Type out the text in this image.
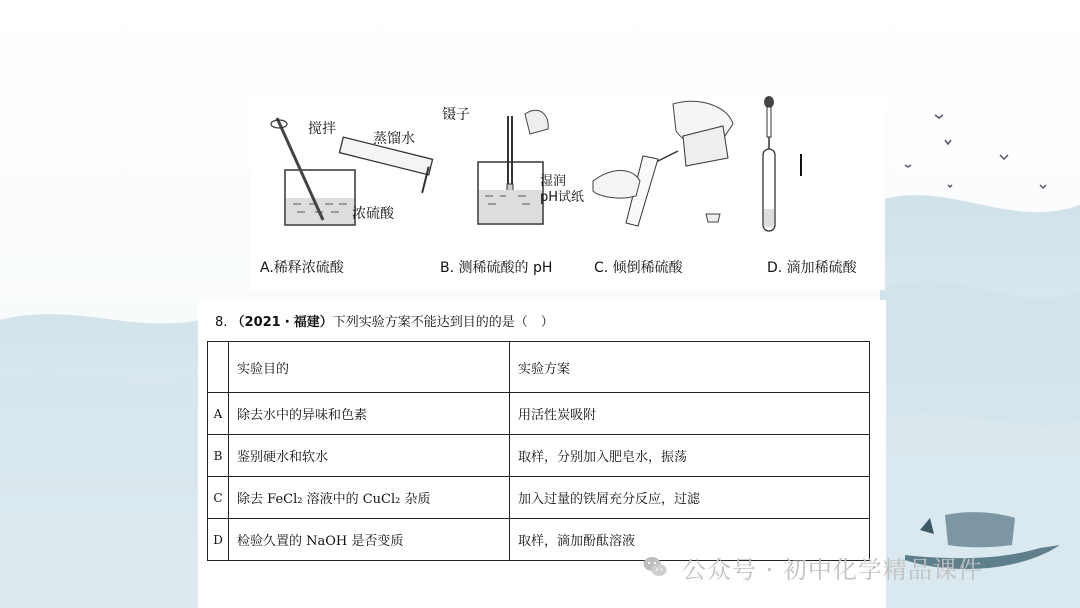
搅拌
蒸馏水
浓硫酸
镊子
湿润
pH试纸
A.稀释浓硫酸	B. 测稀硫酸的 pH	C. 倾倒稀硫酸	D. 滴加稀硫酸
8. （2021・福建）下列实验方案不能达到目的的是（　）
	实验目的	实验方案
A	除去水中的异味和色素	用活性炭吸附
B	鉴别硬水和软水	取样，分别加入肥皂水，振荡
C	除去 FeCl₂ 溶液中的 CuCl₂ 杂质	加入过量的铁屑充分反应，过滤
D	检验久置的 NaOH 是否变质	取样，滴加酚酞溶液
公众号 · 初中化学精品课件
